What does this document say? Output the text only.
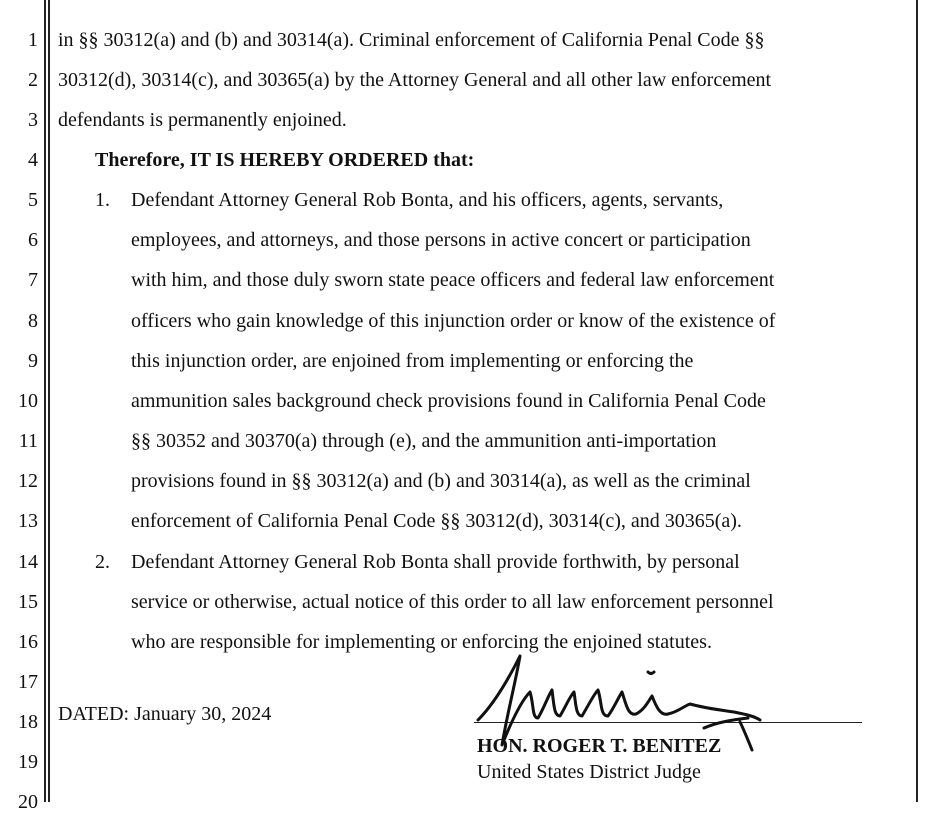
1
2
3
4
5
6
7
8
9
10
11
12
13
14
15
16
17
18
19
20
in §§ 30312(a) and (b) and 30314(a). Criminal enforcement of California Penal Code §§
30312(d), 30314(c), and 30365(a) by the Attorney General and all other law enforcement
defendants is permanently enjoined.
Therefore, IT IS HEREBY ORDERED that:
1. Defendant Attorney General Rob Bonta, and his officers, agents, servants,
employees, and attorneys, and those persons in active concert or participation
with him, and those duly sworn state peace officers and federal law enforcement
officers who gain knowledge of this injunction order or know of the existence of
this injunction order, are enjoined from implementing or enforcing the
ammunition sales background check provisions found in California Penal Code
§§ 30352 and 30370(a) through (e), and the ammunition anti-importation
provisions found in §§ 30312(a) and (b) and 30314(a), as well as the criminal
enforcement of California Penal Code §§ 30312(d), 30314(c), and 30365(a).
2. Defendant Attorney General Rob Bonta shall provide forthwith, by personal
service or otherwise, actual notice of this order to all law enforcement personnel
who are responsible for implementing or enforcing the enjoined statutes.
DATED: January 30, 2024
HON. ROGER T. BENITEZ
United States District Judge
